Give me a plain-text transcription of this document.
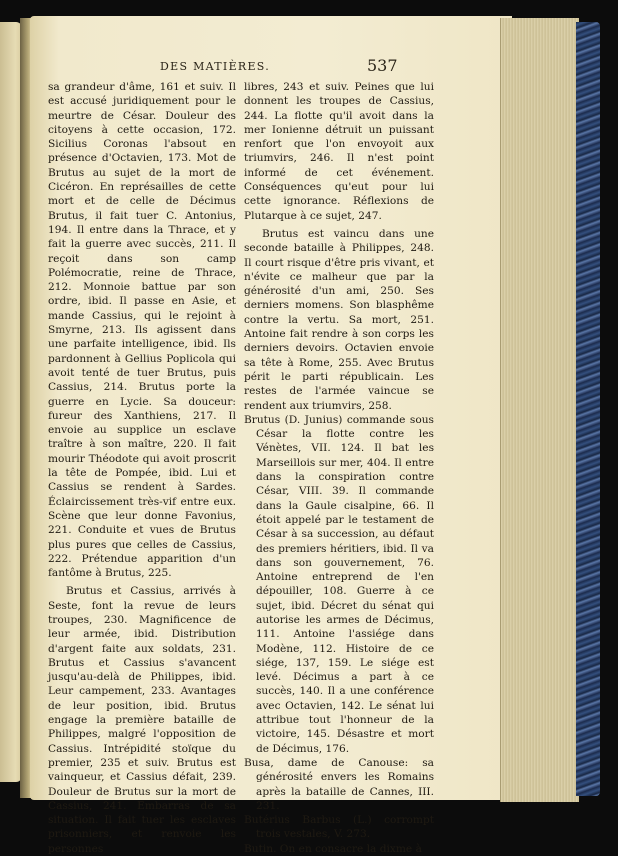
DES MATIÈRES.	537

sa grandeur d'âme, 161 et suiv. Il est accusé juridiquement pour le meurtre de César. Douleur des citoyens à cette occasion, 172. Sicilius Coronas l'absout en présence d'Octavien, 173. Mot de Brutus au sujet de la mort de Cicéron. En représailles de cette mort et de celle de Décimus Brutus, il fait tuer C. Antonius, 194. Il entre dans la Thrace, et y fait la guerre avec succès, 211. Il reçoit dans son camp Polémocratie, reine de Thrace, 212. Monnoie battue par son ordre, ibid. Il passe en Asie, et mande Cassius, qui le rejoint à Smyrne, 213. Ils agissent dans une parfaite intelligence, ibid. Ils pardonnent à Gellius Poplicola qui avoit tenté de tuer Brutus, puis Cassius, 214. Brutus porte la guerre en Lycie. Sa douceur: fureur des Xanthiens, 217. Il envoie au supplice un esclave traître à son maître, 220. Il fait mourir Théodote qui avoit proscrit la tête de Pompée, ibid. Lui et Cassius se rendent à Sardes. Éclaircissement très-vif entre eux. Scène que leur donne Favonius, 221. Conduite et vues de Brutus plus pures que celles de Cassius, 222. Prétendue apparition d'un fantôme à Brutus, 225.

Brutus et Cassius, arrivés à Seste, font la revue de leurs troupes, 230. Magnificence de leur armée, ibid. Distribution d'argent faite aux soldats, 231. Brutus et Cassius s'avancent jusqu'au-delà de Philippes, ibid. Leur campement, 233. Avantages de leur position, ibid. Brutus engage la première bataille de Philippes, malgré l'opposition de Cassius. Intrépidité stoïque du premier, 235 et suiv. Brutus est vainqueur, et Cassius défait, 239. Douleur de Brutus sur la mort de Cassius, 241. Embarras de sa situation. Il fait tuer les esclaves prisonniers, et renvoie les personnes

libres, 243 et suiv. Peines que lui donnent les troupes de Cassius, 244. La flotte qu'il avoit dans la mer Ionienne détruit un puissant renfort que l'on envoyoit aux triumvirs, 246. Il n'est point informé de cet événement. Conséquences qu'eut pour lui cette ignorance. Réflexions de Plutarque à ce sujet, 247.

Brutus est vaincu dans une seconde bataille à Philippes, 248. Il court risque d'être pris vivant, et n'évite ce malheur que par la générosité d'un ami, 250. Ses derniers momens. Son blasphême contre la vertu. Sa mort, 251. Antoine fait rendre à son corps les derniers devoirs. Octavien envoie sa tête à Rome, 255. Avec Brutus périt le parti républicain. Les restes de l'armée vaincue se rendent aux triumvirs, 258.

Brutus (D. Junius) commande sous César la flotte contre les Vénètes, VII. 124. Il bat les Marseillois sur mer, 404. Il entre dans la conspiration contre César, VIII. 39. Il commande dans la Gaule cisalpine, 66. Il étoit appelé par le testament de César à sa succession, au défaut des premiers héritiers, ibid. Il va dans son gouvernement, 76. Antoine entreprend de l'en dépouiller, 108. Guerre à ce sujet, ibid. Décret du sénat qui autorise les armes de Décimus, 111. Antoine l'assiége dans Modène, 112. Histoire de ce siége, 137, 159. Le siége est levé. Décimus a part à ce succès, 140. Il a une conférence avec Octavien, 142. Le sénat lui attribue tout l'honneur de la victoire, 145. Désastre et mort de Décimus, 176.

Busa, dame de Canouse: sa générosité envers les Romains après la bataille de Cannes, III. 231.

Butérius Barbus (L.) corrompt trois vestales, V. 273.

Butin. On en consacre la dixme à
